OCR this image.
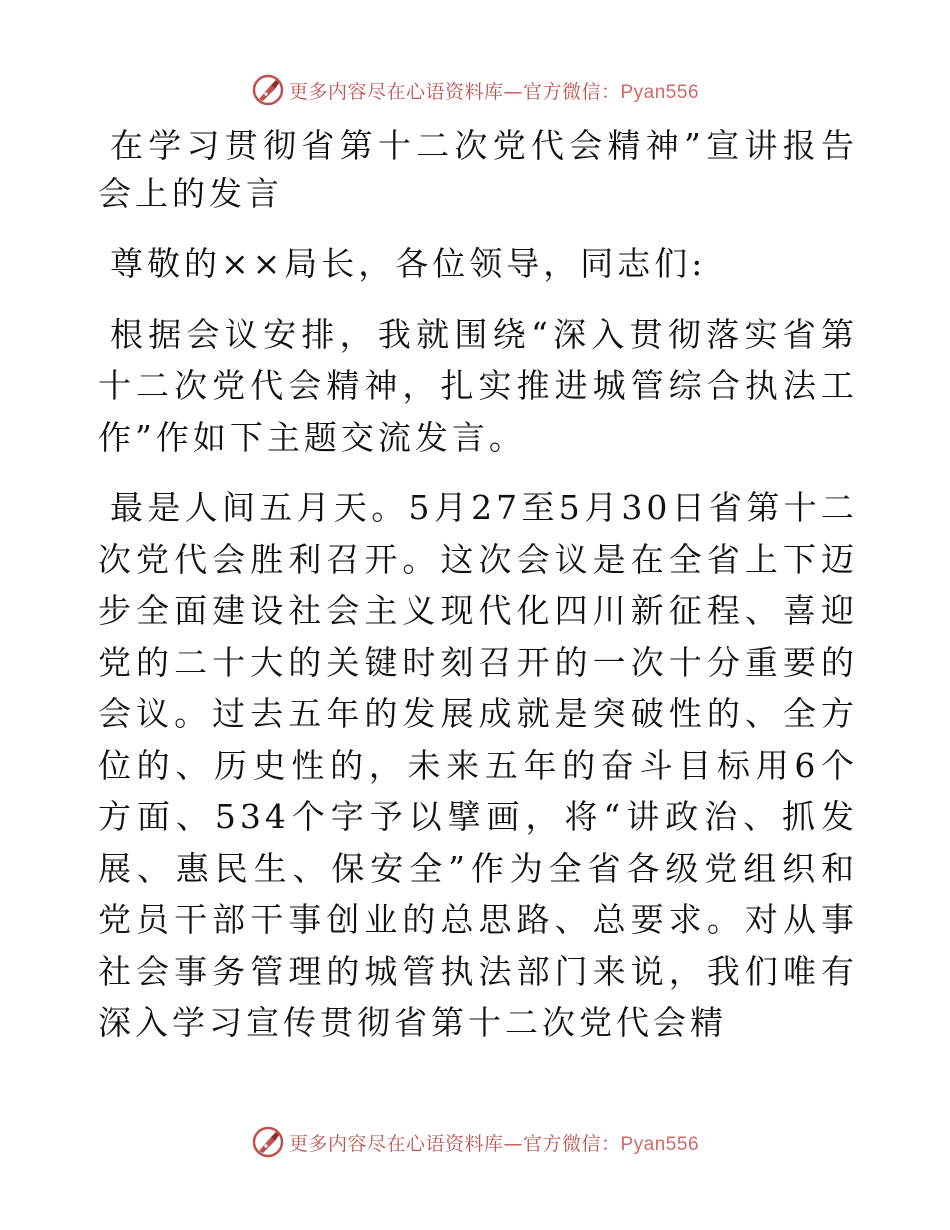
更多内容尽在心语资料库—官方微信：Pyan556

在学习贯彻省第十二次党代会精神”宣讲报告会上的发言

尊敬的××局长，各位领导，同志们:

根据会议安排，我就围绕“深入贯彻落实省第十二次党代会精神，扎实推进城管综合执法工作”作如下主题交流发言。

最是人间五月天。5月27至5月30日省第十二次党代会胜利召开。这次会议是在全省上下迈步全面建设社会主义现代化四川新征程、喜迎党的二十大的关键时刻召开的一次十分重要的会议。过去五年的发展成就是突破性的、全方位的、历史性的，未来五年的奋斗目标用6个方面、534个字予以擘画，将“讲政治、抓发展、惠民生、保安全”作为全省各级党组织和党员干部干事创业的总思路、总要求。对从事社会事务管理的城管执法部门来说，我们唯有深入学习宣传贯彻省第十二次党代会精

更多内容尽在心语资料库—官方微信：Pyan556
